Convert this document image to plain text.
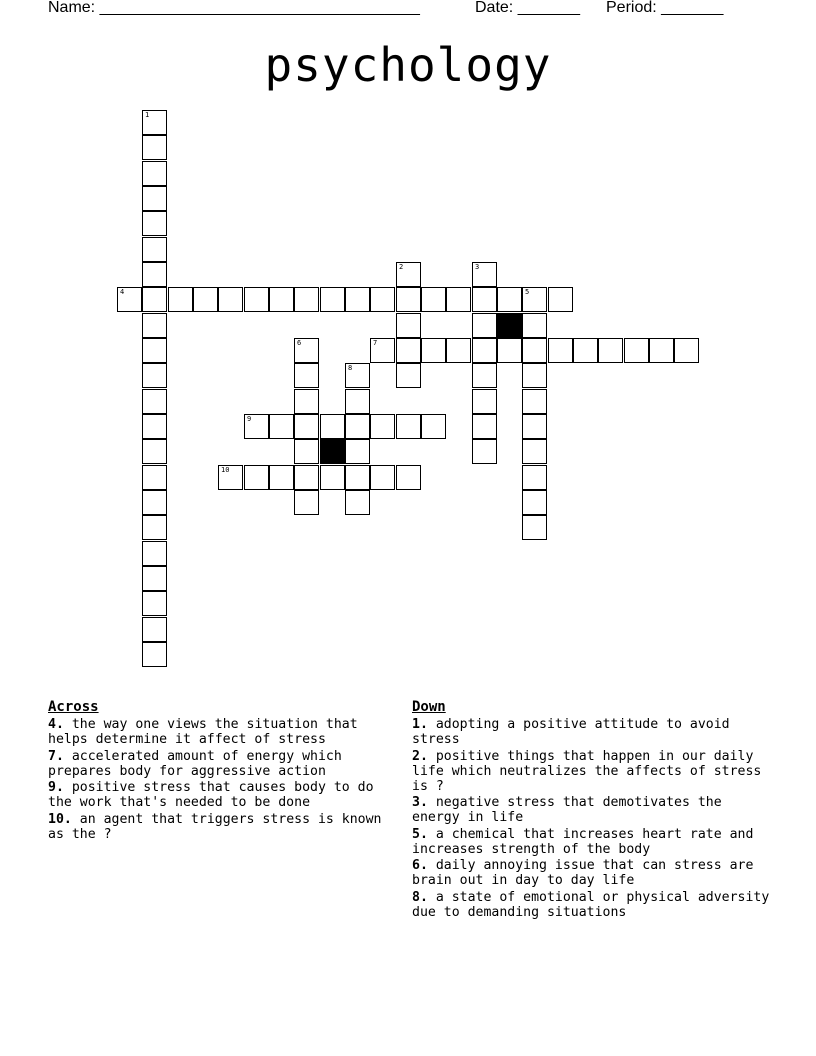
Name: ____________________________________	Date: _______ Period: _______
psychology
1
2	3
4	5
6	7
8
9
10
Across
4. the way one views the situation that helps determine it affect of stress
7. accelerated amount of energy which prepares body for aggressive action
9. positive stress that causes body to do the work that's needed to be done
10. an agent that triggers stress is known as the ?
Down
1. adopting a positive attitude to avoid stress
2. positive things that happen in our daily life which neutralizes the affects of stress is ?
3. negative stress that demotivates the energy in life
5. a chemical that increases heart rate and increases strength of the body
6. daily annoying issue that can stress are brain out in day to day life
8. a state of emotional or physical adversity due to demanding situations
